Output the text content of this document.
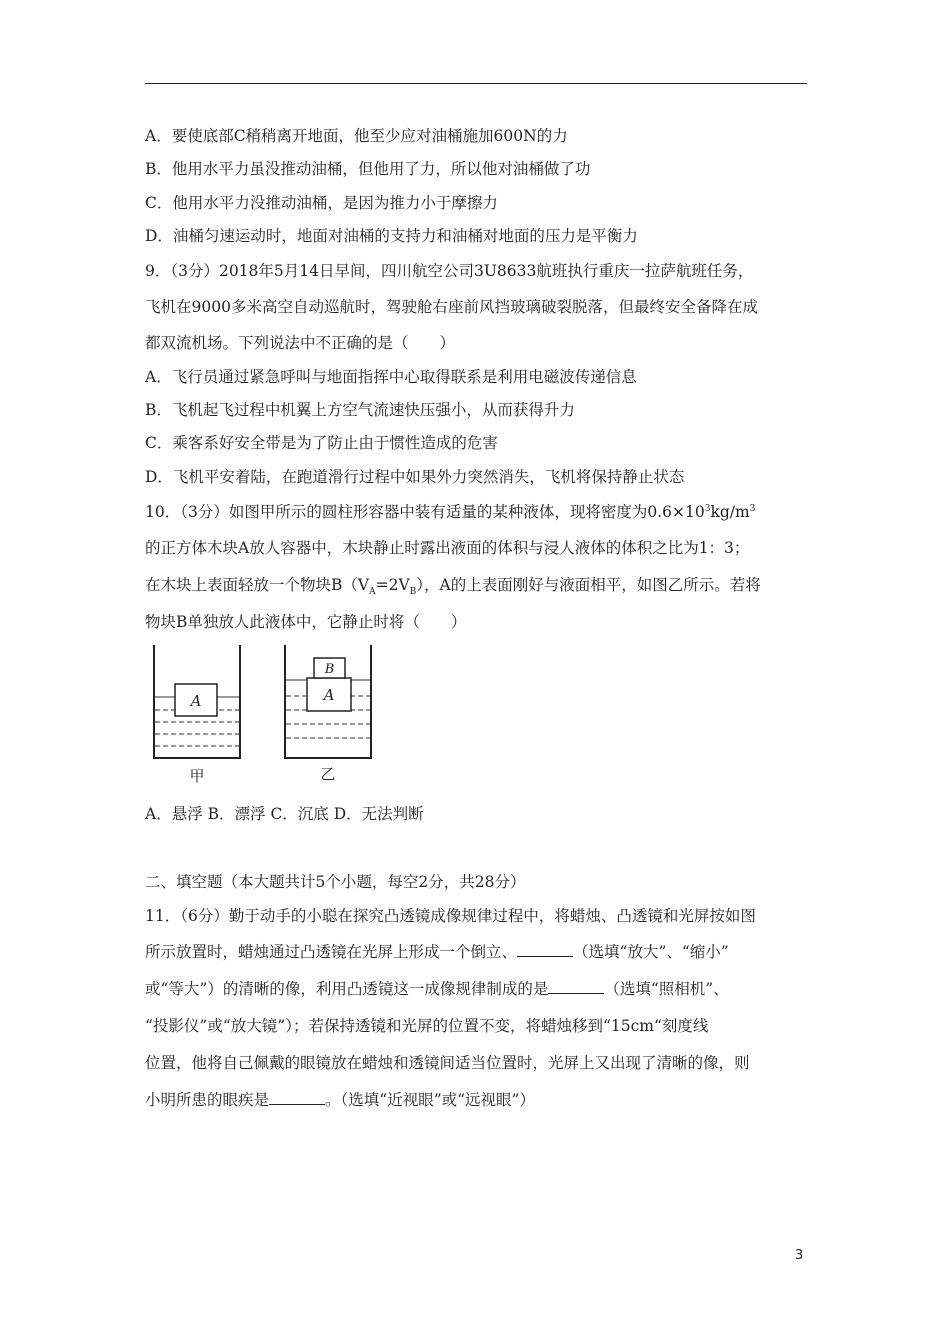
A．要使底部C稍稍离开地面，他至少应对油桶施加600N的力
B．他用水平力虽没推动油桶，但他用了力，所以他对油桶做了功
C．他用水平力没推动油桶，是因为推力小于摩擦力
D．油桶匀速运动时，地面对油桶的支持力和油桶对地面的压力是平衡力
9．（3分）2018年5月14日早间，四川航空公司3U8633航班执行重庆一拉萨航班任务，
飞机在9000多米高空自动巡航时，驾驶舱右座前风挡玻璃破裂脱落，但最终安全备降在成
都双流机场。下列说法中不正确的是（　　）
A．飞行员通过紧急呼叫与地面指挥中心取得联系是利用电磁波传递信息
B．飞机起飞过程中机翼上方空气流速快压强小，从而获得升力
C．乘客系好安全带是为了防止由于惯性造成的危害
D．飞机平安着陆，在跑道滑行过程中如果外力突然消失，飞机将保持静止状态
10．（3分）如图甲所示的圆柱形容器中装有适量的某种液体，现将密度为$0.6\times 10^3kg/m^3$
的正方体木块A放人容器中，木块静止时露出液面的体积与浸人液体的体积之比为1：3；
在木块上表面轻放一个物块$B(V_A=2V_B)$，A的上表面刚好与液面相平，如图乙所示。若将
物块B单独放人此液体中，它静止时将（　　）
A	A
B
甲	乙
A．悬浮 B．漂浮 C．沉底 D．无法判断
二、填空题（本大题共计5个小题，每空2分，共28分）
11．（6分）勤于动手的小聪在探究凸透镜成像规律过程中，将蜡烛、凸透镜和光屏按如图
所示放置时，蜡烛通过凸透镜在光屏上形成一个倒立、	（选填“放大”、“缩小”
或“等大”）的清晰的像，利用凸透镜这一成像规律制成的是	（选填“照相机”、
“投影仪”或“放大镜”）；若保持透镜和光屏的位置不变，将蜡烛移到“15cm“刻度线
位置，他将自己佩戴的眼镜放在蜡烛和透镜间适当位置时，光屏上又出现了清晰的像，则
小明所患的眼疾是	。（选填“近视眼”或“远视眼”）
3
